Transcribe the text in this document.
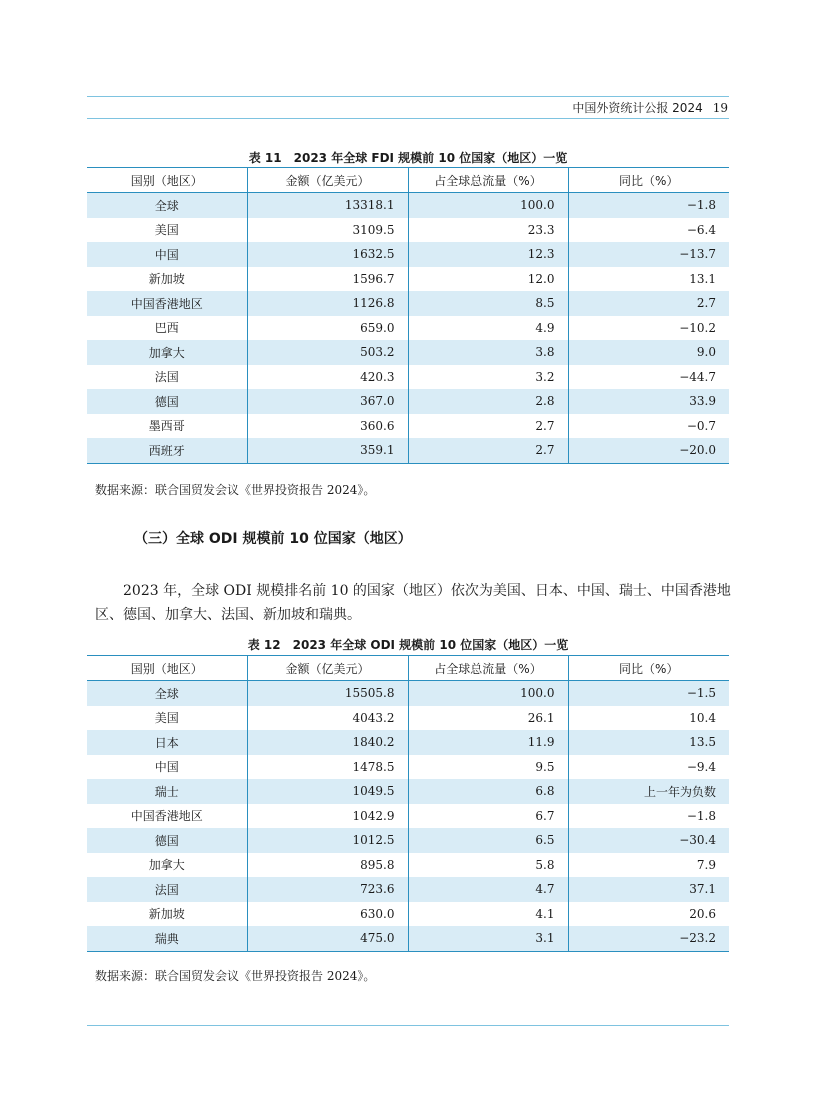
中国外资统计公报 2024 19
表 11　2023 年全球 FDI 规模前 10 位国家（地区）一览
国别（地区）	金额（亿美元）	占全球总流量（%）	同比（%）
全球	13318.1	100.0	−1.8
美国	3109.5	23.3	−6.4
中国	1632.5	12.3	−13.7
新加坡	1596.7	12.0	13.1
中国香港地区	1126.8	8.5	2.7
巴西	659.0	4.9	−10.2
加拿大	503.2	3.8	9.0
法国	420.3	3.2	−44.7
德国	367.0	2.8	33.9
墨西哥	360.6	2.7	−0.7
西班牙	359.1	2.7	−20.0
数据来源：联合国贸发会议《世界投资报告 2024》。
（三）全球 ODI 规模前 10 位国家（地区）

2023 年，全球 ODI 规模排名前 10 的国家（地区）依次为美国、日本、中国、瑞士、中国香港地区、德国、加拿大、法国、新加坡和瑞典。

表 12　2023 年全球 ODI 规模前 10 位国家（地区）一览
国别（地区）	金额（亿美元）	占全球总流量（%）	同比（%）
全球	15505.8	100.0	−1.5
美国	4043.2	26.1	10.4
日本	1840.2	11.9	13.5
中国	1478.5	9.5	−9.4
瑞士	1049.5	6.8	上一年为负数
中国香港地区	1042.9	6.7	−1.8
德国	1012.5	6.5	−30.4
加拿大	895.8	5.8	7.9
法国	723.6	4.7	37.1
新加坡	630.0	4.1	20.6
瑞典	475.0	3.1	−23.2
数据来源：联合国贸发会议《世界投资报告 2024》。
